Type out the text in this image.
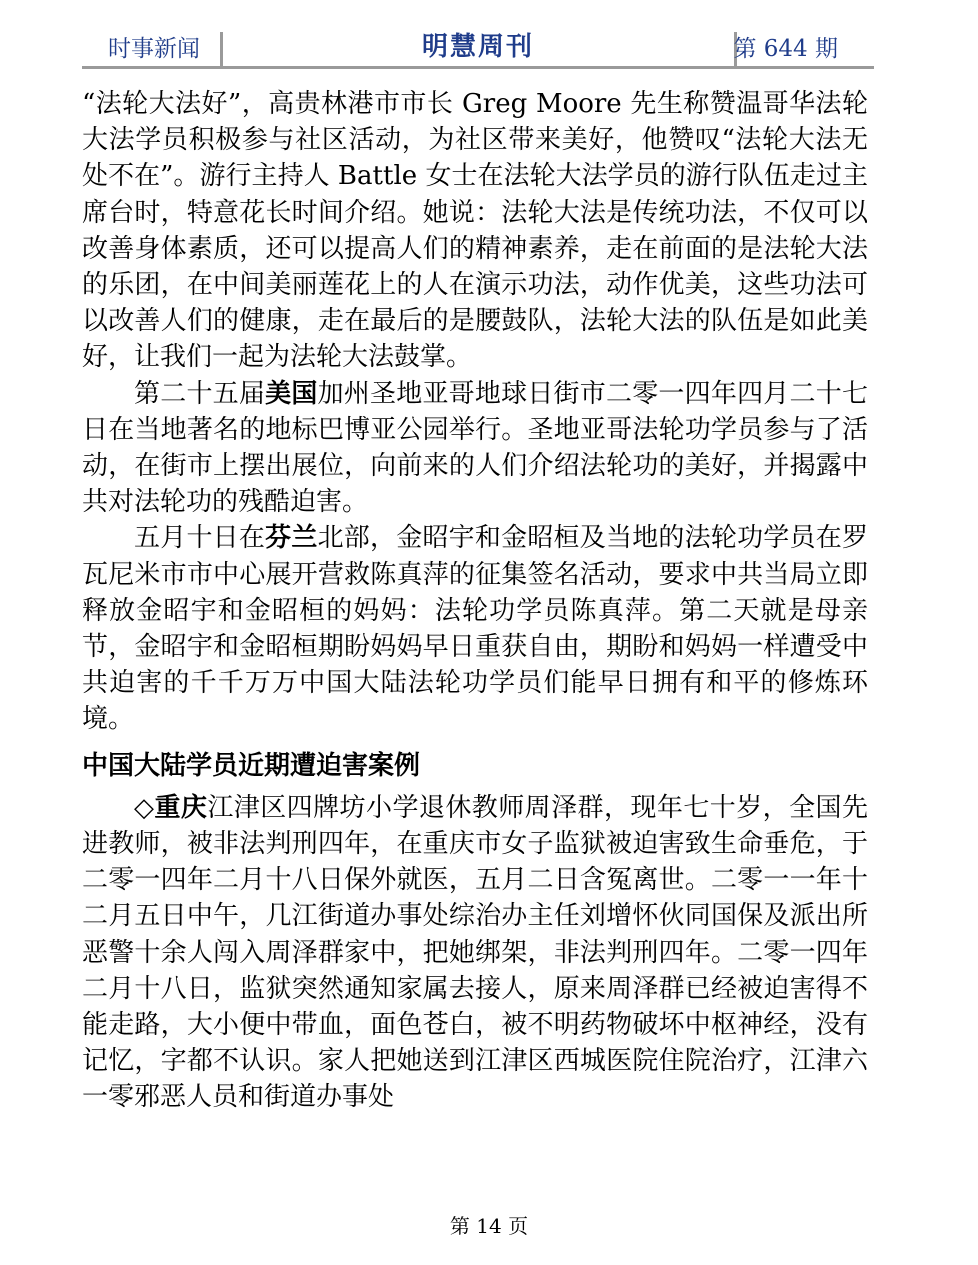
时事新闻	明慧周刊	第 644 期

“法轮大法好”，高贵林港市市长 Greg Moore 先生称赞温哥华法轮大法学员积极参与社区活动，为社区带来美好，他赞叹“法轮大法无处不在”。游行主持人 Battle 女士在法轮大法学员的游行队伍走过主席台时，特意花长时间介绍。她说：法轮大法是传统功法，不仅可以改善身体素质，还可以提高人们的精神素养，走在前面的是法轮大法的乐团，在中间美丽莲花上的人在演示功法，动作优美，这些功法可以改善人们的健康，走在最后的是腰鼓队，法轮大法的队伍是如此美好，让我们一起为法轮大法鼓掌。

第二十五届美国加州圣地亚哥地球日街市二零一四年四月二十七日在当地著名的地标巴博亚公园举行。圣地亚哥法轮功学员参与了活动，在街市上摆出展位，向前来的人们介绍法轮功的美好，并揭露中共对法轮功的残酷迫害。

五月十日在芬兰北部，金昭宇和金昭桓及当地的法轮功学员在罗瓦尼米市市中心展开营救陈真萍的征集签名活动，要求中共当局立即释放金昭宇和金昭桓的妈妈：法轮功学员陈真萍。第二天就是母亲节，金昭宇和金昭桓期盼妈妈早日重获自由，期盼和妈妈一样遭受中共迫害的千千万万中国大陆法轮功学员们能早日拥有和平的修炼环境。

中国大陆学员近期遭迫害案例

◇重庆江津区四牌坊小学退休教师周泽群，现年七十岁，全国先进教师，被非法判刑四年，在重庆市女子监狱被迫害致生命垂危，于二零一四年二月十八日保外就医，五月二日含冤离世。二零一一年十二月五日中午，几江街道办事处综治办主任刘增怀伙同国保及派出所恶警十余人闯入周泽群家中，把她绑架，非法判刑四年。二零一四年二月十八日，监狱突然通知家属去接人，原来周泽群已经被迫害得不能走路，大小便中带血，面色苍白，被不明药物破坏中枢神经，没有记忆，字都不认识。家人把她送到江津区西城医院住院治疗，江津六一零邪恶人员和街道办事处

第 14 页
